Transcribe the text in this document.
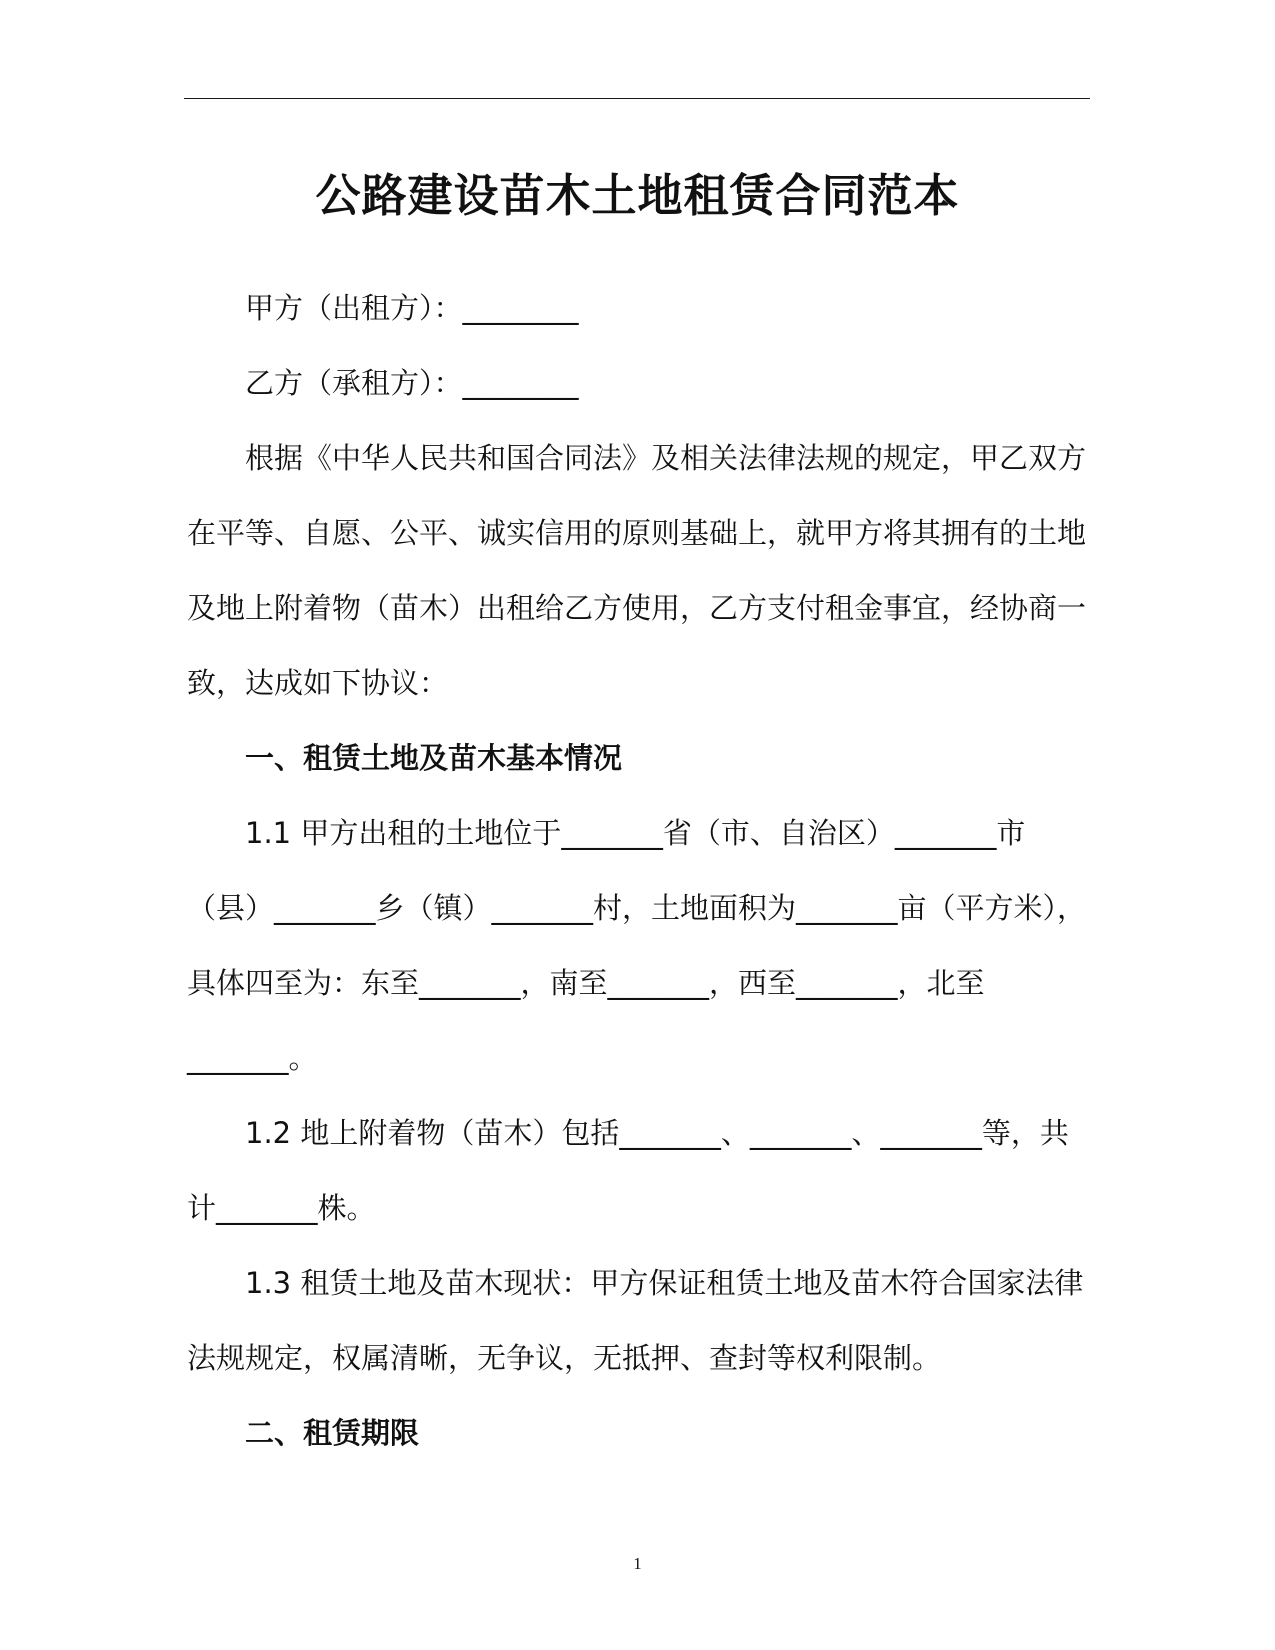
公路建设苗木土地租赁合同范本

甲方（出租方）：________

乙方（承租方）：________

根据《中华人民共和国合同法》及相关法律法规的规定，甲乙双方在平等、自愿、公平、诚实信用的原则基础上，就甲方将其拥有的土地及地上附着物（苗木）出租给乙方使用，乙方支付租金事宜，经协商一致，达成如下协议：

一、租赁土地及苗木基本情况

1.1 甲方出租的土地位于_______省（市、自治区）_______市（县）_______乡（镇）_______村，土地面积为_______亩（平方米），具体四至为：东至_______，南至_______，西至_______，北至_______。

1.2 地上附着物（苗木）包括_______、_______、_______等，共计_______株。

1.3 租赁土地及苗木现状：甲方保证租赁土地及苗木符合国家法律法规规定，权属清晰，无争议，无抵押、查封等权利限制。

二、租赁期限

1
